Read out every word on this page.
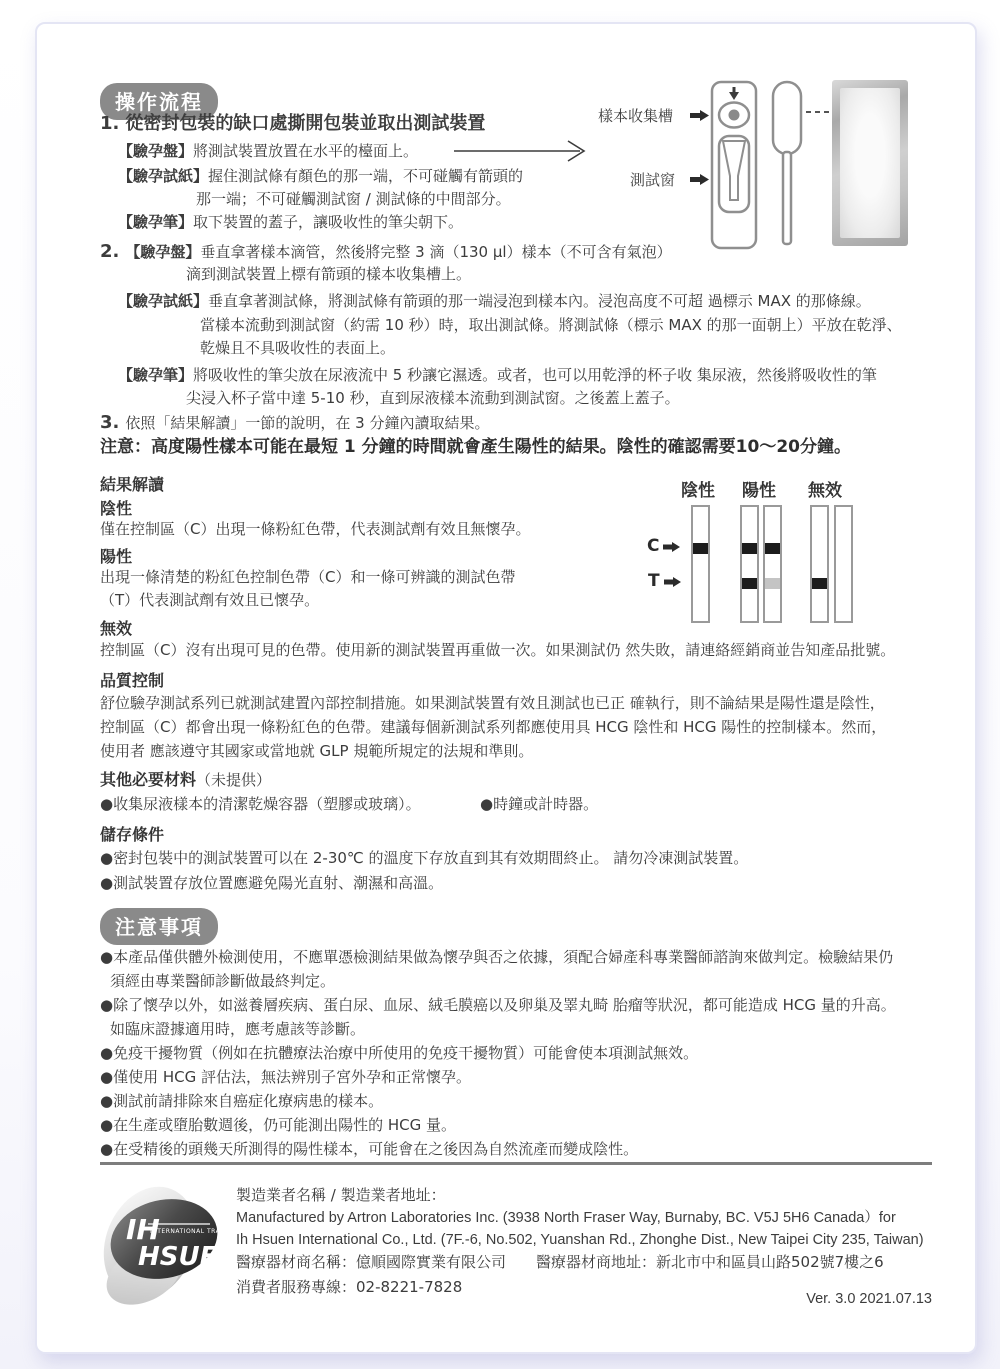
操作流程
1. 從密封包裝的缺口處撕開包裝並取出測試裝置
【驗孕盤】將測試裝置放置在水平的檯面上。
【驗孕試紙】握住測試條有顏色的那一端，不可碰觸有箭頭的
那一端；不可碰觸測試窗 / 測試條的中間部分。
【驗孕筆】取下裝置的蓋子，讓吸收性的筆尖朝下。
樣本收集槽
測試窗
2. 【驗孕盤】垂直拿著樣本滴管，然後將完整 3 滴（130 μl）樣本（不可含有氣泡）
滴到測試裝置上標有箭頭的樣本收集槽上。
【驗孕試紙】垂直拿著測試條，將測試條有箭頭的那一端浸泡到樣本內。浸泡高度不可超 過標示 MAX 的那條線。
當樣本流動到測試窗（約需 10 秒）時，取出測試條。將測試條（標示 MAX 的那一面朝上）平放在乾淨、
乾燥且不具吸收性的表面上。
【驗孕筆】將吸收性的筆尖放在尿液流中 5 秒讓它濕透。或者，也可以用乾淨的杯子收 集尿液，然後將吸收性的筆
尖浸入杯子當中達 5-10 秒，直到尿液樣本流動到測試窗。之後蓋上蓋子。
3. 依照「結果解讀」一節的說明，在 3 分鐘內讀取結果。
注意：高度陽性樣本可能在最短 1 分鐘的時間就會產生陽性的結果。陰性的確認需要10～20分鐘。
結果解讀
陰性
僅在控制區（C）出現一條粉紅色帶，代表測試劑有效且無懷孕。
陽性
出現一條清楚的粉紅色控制色帶（C）和一條可辨識的測試色帶
（T）代表測試劑有效且已懷孕。
無效
控制區（C）沒有出現可見的色帶。使用新的測試裝置再重做一次。如果測試仍 然失敗，請連絡經銷商並告知產品批號。
陰性 陽性 無效
C
T
品質控制
舒位驗孕測試系列已就測試建置內部控制措施。如果測試裝置有效且測試也已正 確執行，則不論結果是陽性還是陰性，
控制區（C）都會出現一條粉紅色的色帶。建議每個新測試系列都應使用具 HCG 陰性和 HCG 陽性的控制樣本。然而，
使用者 應該遵守其國家或當地就 GLP 規範所規定的法規和準則。
其他必要材料（未提供）
●收集尿液樣本的清潔乾燥容器（塑膠或玻璃）。	●時鐘或計時器。
儲存條件
●密封包裝中的測試裝置可以在 2-30℃ 的溫度下存放直到其有效期間終止。 請勿冷凍測試裝置。
●測試裝置存放位置應避免陽光直射、潮濕和高溫。
注意事項
●本產品僅供體外檢測使用，不應單憑檢測結果做為懷孕與否之依據，須配合婦產科專業醫師諮詢來做判定。檢驗結果仍
須經由專業醫師診斷做最終判定。
●除了懷孕以外，如滋養層疾病、蛋白尿、血尿、絨毛膜癌以及卵巢及睪丸畸 胎瘤等狀況，都可能造成 HCG 量的升高。
如臨床證據適用時，應考慮該等診斷。
●免疫干擾物質（例如在抗體療法治療中所使用的免疫干擾物質）可能會使本項測試無效。
●僅使用 HCG 評估法，無法辨別子宮外孕和正常懷孕。
●測試前請排除來自癌症化療病患的樣本。
●在生產或墮胎數週後，仍可能測出陽性的 HCG 量。
●在受精後的頭幾天所測得的陽性樣本，可能會在之後因為自然流產而變成陰性。
IH
INTERNATIONAL TRADE
HSUEN
製造業者名稱 / 製造業者地址：
Manufactured by Artron Laboratories Inc. (3938 North Fraser Way, Burnaby, BC. V5J 5H6 Canada）for
Ih Hsuen International Co., Ltd. (7F.-6, No.502, Yuanshan Rd., Zhonghe Dist., New Taipei City 235, Taiwan)
醫療器材商名稱：億順國際實業有限公司　　醫療器材商地址：新北市中和區員山路502號7樓之6
消費者服務專線：02-8221-7828
Ver. 3.0 2021.07.13
